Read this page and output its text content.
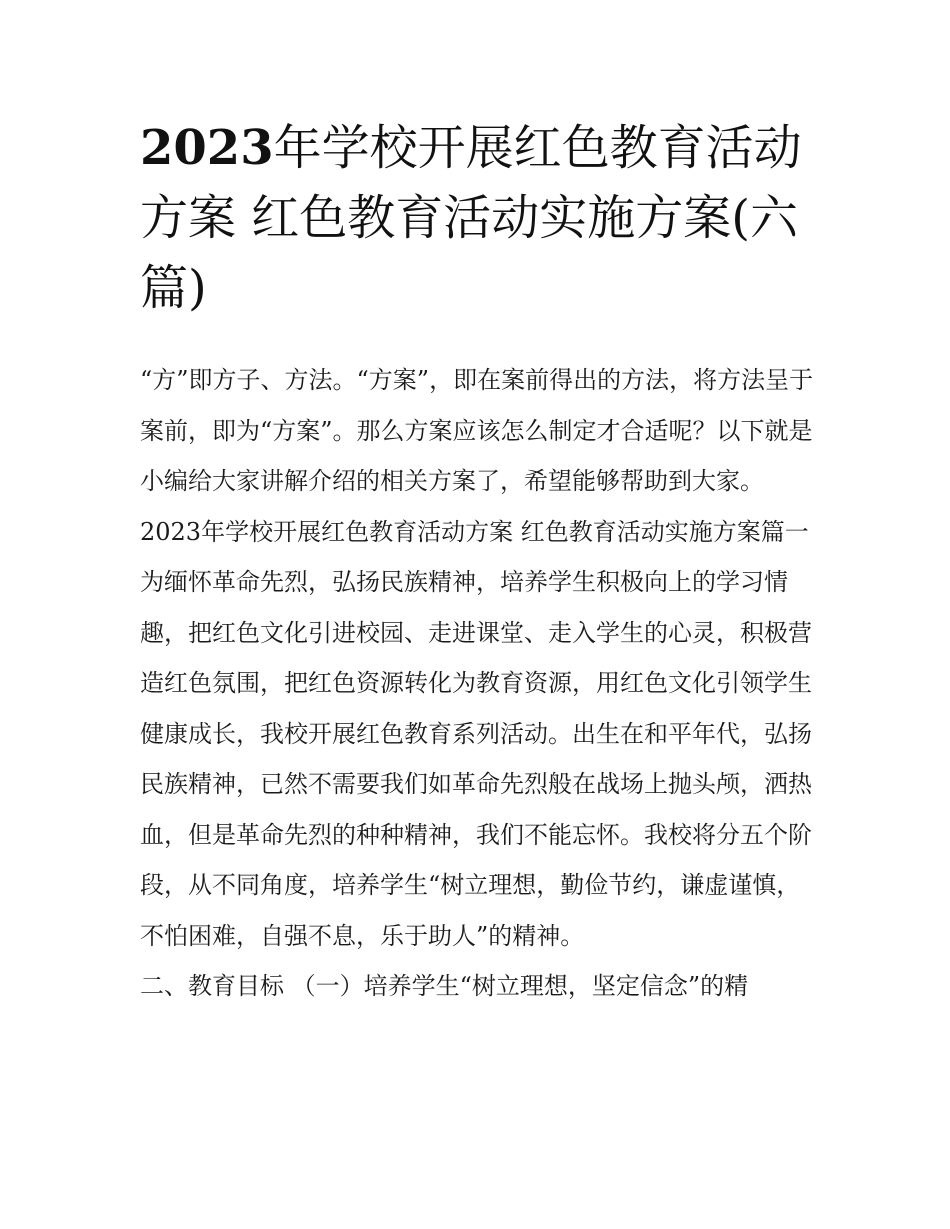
2023年学校开展红色教育活动方案 红色教育活动实施方案(六篇)

“方”即方子、方法。“方案”，即在案前得出的方法，将方法呈于案前，即为“方案”。那么方案应该怎么制定才合适呢？以下就是小编给大家讲解介绍的相关方案了，希望能够帮助到大家。

2023年学校开展红色教育活动方案 红色教育活动实施方案篇一

为缅怀革命先烈，弘扬民族精神，培养学生积极向上的学习情趣，把红色文化引进校园、走进课堂、走入学生的心灵，积极营造红色氛围，把红色资源转化为教育资源，用红色文化引领学生健康成长，我校开展红色教育系列活动。出生在和平年代，弘扬民族精神，已然不需要我们如革命先烈般在战场上抛头颅，洒热血，但是革命先烈的种种精神，我们不能忘怀。我校将分五个阶段，从不同角度，培养学生“树立理想，勤俭节约，谦虚谨慎，不怕困难，自强不息，乐于助人”的精神。

二、教育目标 （一）培养学生“树立理想，坚定信念”的精
